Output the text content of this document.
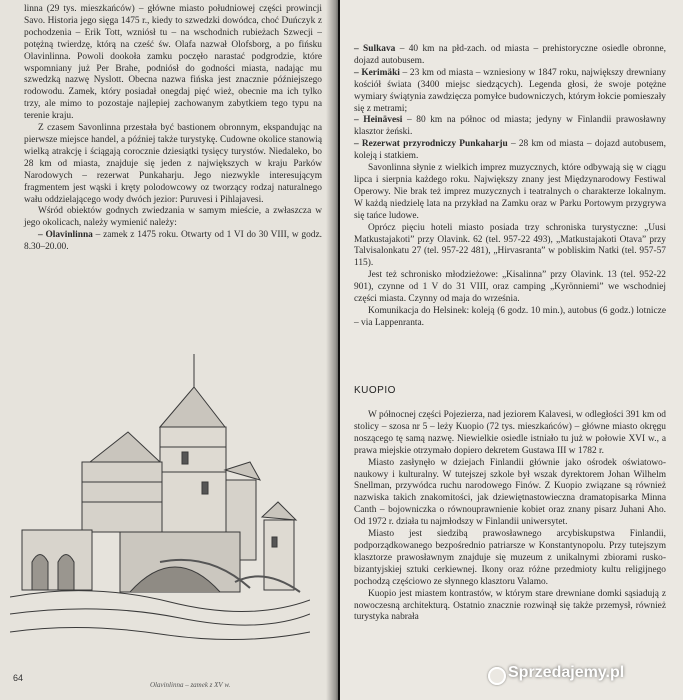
linna (29 tys. mieszkańców) – główne miasto południowej części prowincji Savo. Historia jego sięga 1475 r., kiedy to szwedzki dowódca, choć Duńczyk z pochodzenia – Erik Tott, wzniósł tu – na wschodnich rubieżach Szwecji – potężną twierdzę, którą na cześć św. Olafa nazwał Olofsborg, a po fińsku Olavinlinna. Powoli dookoła zamku poczęło narastać podgrodzie, które wspomniany już Per Brahe, podniósł do godności miasta, nadając mu szwedzką nazwę Nyslott. Obecna nazwa fińska jest znacznie późniejszego rodowodu. Zamek, który posiadał onegdaj pięć wież, obecnie ma ich tylko trzy, ale mimo to pozostaje najlepiej zachowanym zabytkiem tego typu na terenie kraju.

Z czasem Savonlinna przestała być bastionem obronnym, ekspandując na pierwsze miejsce handel, a później także turystykę. Cudowne okolice stanowią wielką atrakcję i ściągają corocznie dziesiątki tysięcy turystów. Niedaleko, bo 28 km od miasta, znajduje się jeden z największych w kraju Parków Narodowych – rezerwat Punkaharju. Jego niezwykle interesującym fragmentem jest wąski i kręty polodowcowy oz tworzący rodzaj naturalnego wału oddzielającego wody dwóch jezior: Puruvesi i Pihlajavesi.

Wśród obiektów godnych zwiedzania w samym mieście, a zwłaszcza w jego okolicach, należy wymienić należy:

– Olavinlinna – zamek z 1475 roku. Otwarty od 1 VI do 30 VIII, w godz. 8.30–20.00.

Olavinlinna – zamek z XV w.
64

– Sulkava – 40 km na płd-zach. od miasta – prehistoryczne osiedle obronne, dojazd autobusem.

– Kerimäki – 23 km od miasta – wzniesiony w 1847 roku, największy drewniany kościół świata (3400 miejsc siedzących). Legenda głosi, że swoje potężne wymiary świątynia zawdzięcza pomyłce budowniczych, którym łokcie pomieszały się z metrami;

– Heinävesi – 80 km na północ od miasta; jedyny w Finlandii prawosławny klasztor żeński.

– Rezerwat przyrodniczy Punkaharju – 28 km od miasta – dojazd autobusem, koleją i statkiem.

Savonlinna słynie z wielkich imprez muzycznych, które odbywają się w ciągu lipca i sierpnia każdego roku. Największy znany jest Międzynarodowy Festiwal Operowy. Nie brak też imprez muzycznych i teatralnych o charakterze lokalnym. W każdą niedzielę lata na przykład na Zamku oraz w Parku Portowym przygrywa się tańce ludowe.

Oprócz pięciu hoteli miasto posiada trzy schroniska turystyczne: „Uusi Matkustajakoti” przy Olavink. 62 (tel. 957-22 493), „Matkustajakoti Otava” przy Talvisalonkatu 27 (tel. 957-22 481), „Hirvasranta” w pobliskim Natki (tel. 957-57 115).

Jest też schronisko młodzieżowe: „Kisalinna” przy Olavink. 13 (tel. 952-22 901), czynne od 1 V do 31 VIII, oraz camping „Kyrönniemi” we wschodniej części miasta. Czynny od maja do września.

Komunikacja do Helsinek: koleją (6 godz. 10 min.), autobus (6 godz.) lotnicze – via Lappenranta.

KUOPIO

W północnej części Pojezierza, nad jeziorem Kalavesi, w odległości 391 km od stolicy – szosa nr 5 – leży Kuopio (72 tys. mieszkańców) – główne miasto okręgu noszącego tę samą nazwę. Niewielkie osiedle istniało tu już w połowie XVI w., a prawa miejskie otrzymało dopiero dekretem Gustawa III w 1782 r.

Miasto zasłynęło w dziejach Finlandii głównie jako ośrodek oświatowo-naukowy i kulturalny. W tutejszej szkole był wszak dyrektorem Johan Wilhelm Snellman, przywódca ruchu narodowego Finów. Z Kuopio związane są również nazwiska takich znakomitości, jak dziewiętnastowieczna dramatopisarka Minna Canth – bojowniczka o równouprawnienie kobiet oraz znany pisarz Juhani Aho. Od 1972 r. działa tu najmłodszy w Finlandii uniwersytet.

Miasto jest siedzibą prawosławnego arcybiskupstwa Finlandii, podporządkowanego bezpośrednio patriarsze w Konstantynopolu. Przy tutejszym klasztorze prawosławnym znajduje się muzeum z unikalnymi zbiorami rusko-bizantyjskiej sztuki cerkiewnej. Ikony oraz różne przedmioty kultu religijnego pochodzą częściowo ze słynnego klasztoru Valamo.

Kuopio jest miastem kontrastów, w którym stare drewniane domki sąsiadują z nowoczesną architekturą. Ostatnio znacznie rozwinął się także przemysł, również turystyka nabrała

Sprzedajemy.pl
